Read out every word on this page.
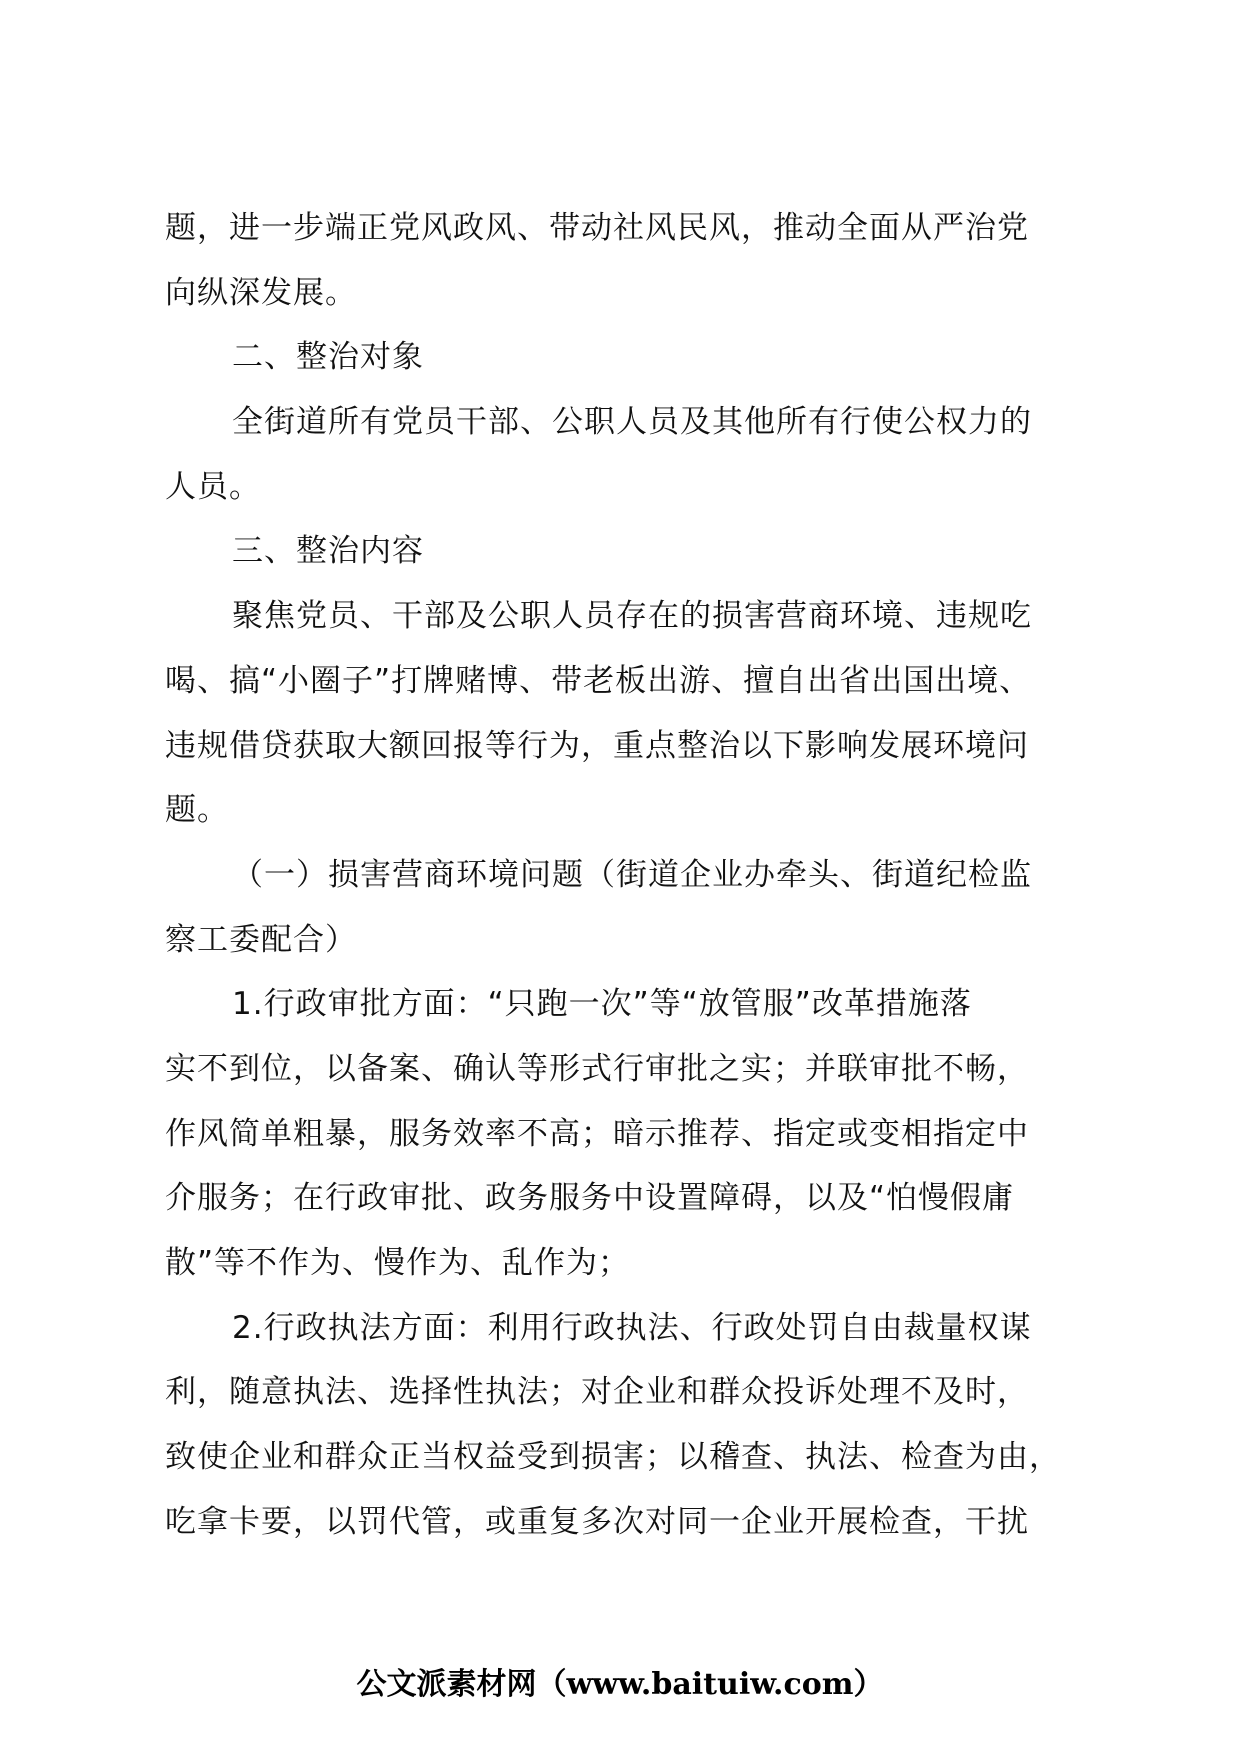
题，进一步端正党风政风、带动社风民风，推动全面从严治党
向纵深发展。
二、整治对象
全街道所有党员干部、公职人员及其他所有行使公权力的
人员。
三、整治内容
聚焦党员、干部及公职人员存在的损害营商环境、违规吃
喝、搞“小圈子”打牌赌博、带老板出游、擅自出省出国出境、
违规借贷获取大额回报等行为，重点整治以下影响发展环境问
题。
（一）损害营商环境问题（街道企业办牵头、街道纪检监
察工委配合）
1.行政审批方面：“只跑一次”等“放管服”改革措施落
实不到位，以备案、确认等形式行审批之实；并联审批不畅，
作风简单粗暴，服务效率不高；暗示推荐、指定或变相指定中
介服务；在行政审批、政务服务中设置障碍，以及“怕慢假庸
散”等不作为、慢作为、乱作为；
2.行政执法方面：利用行政执法、行政处罚自由裁量权谋
利，随意执法、选择性执法；对企业和群众投诉处理不及时，
致使企业和群众正当权益受到损害；以稽查、执法、检查为由，
吃拿卡要，以罚代管，或重复多次对同一企业开展检查，干扰
公文派素材网（www.baituiw.com）
